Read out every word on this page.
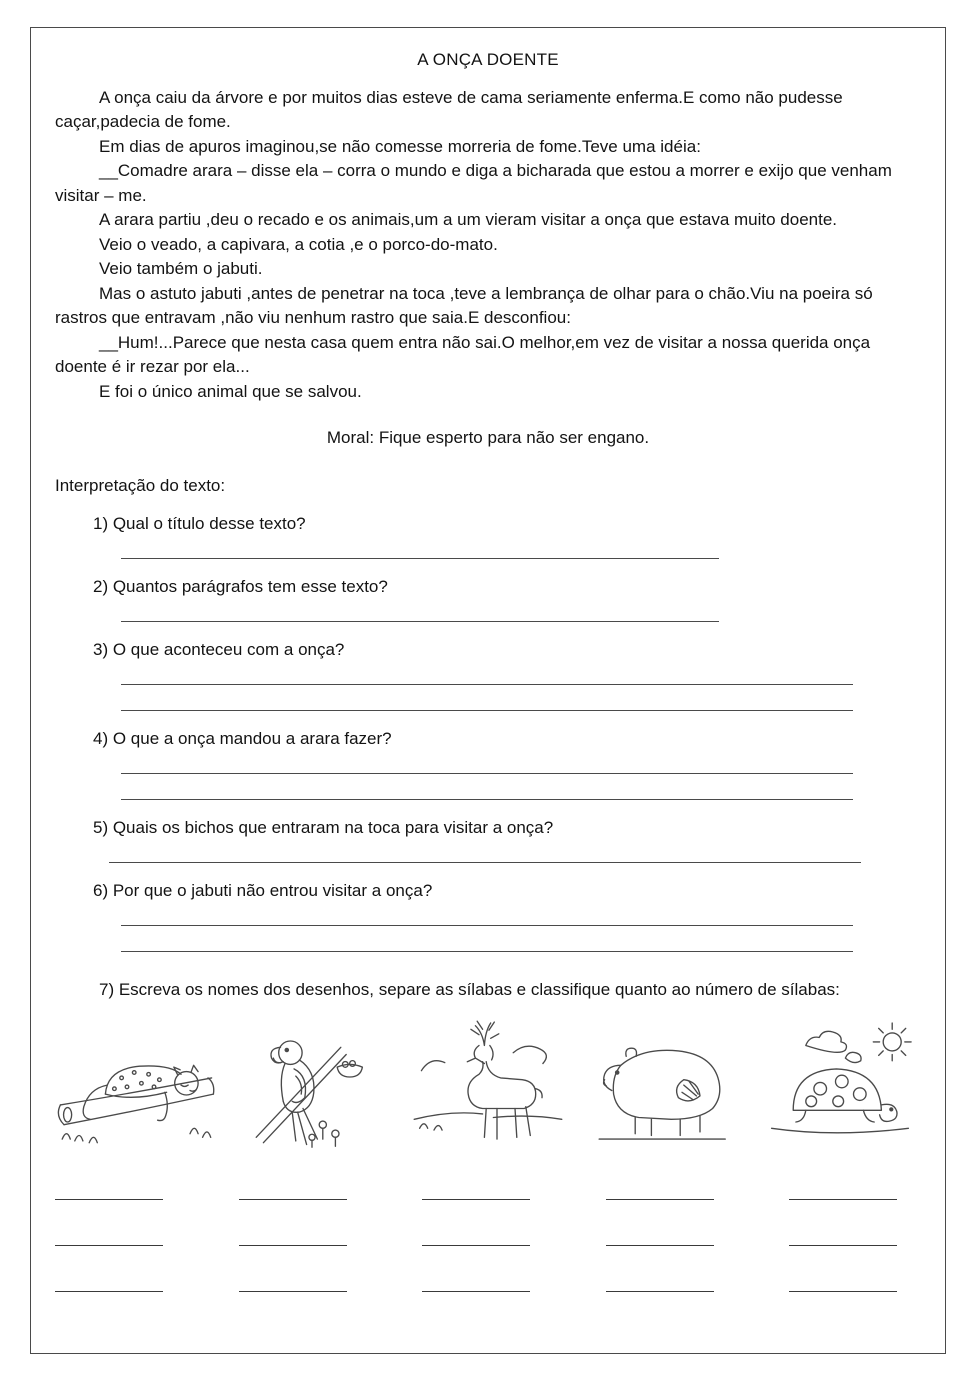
A ONÇA DOENTE

A onça caiu da árvore e por muitos dias esteve de cama seriamente enferma.E como não pudesse caçar,padecia de fome.

Em dias de apuros imaginou,se não comesse morreria de fome.Teve uma idéia:

__Comadre arara – disse ela – corra o mundo e diga a bicharada que estou a morrer e exijo que venham visitar – me.

A arara partiu ,deu o recado e os animais,um a um vieram visitar a onça que estava muito doente.

Veio o veado, a capivara, a cotia ,e o porco-do-mato.

Veio também o jabuti.

Mas o astuto jabuti ,antes de penetrar na toca ,teve a lembrança de olhar para o chão.Viu na poeira só rastros que entravam ,não viu nenhum rastro que saia.E desconfiou:

__Hum!...Parece que nesta casa quem entra não sai.O melhor,em vez de visitar a nossa querida onça doente é ir rezar por ela...

E foi o único animal que se salvou.

Moral: Fique esperto para não ser engano.

Interpretação do texto:

1) Qual o título desse texto?

2) Quantos parágrafos tem esse texto?

3) O que aconteceu com a onça?

4) O que a onça mandou a arara fazer?

5) Quais os bichos que entraram na toca para visitar a onça?

6) Por que o jabuti não entrou visitar a onça?

7) Escreva os nomes dos desenhos, separe as sílabas e classifique quanto ao número de sílabas:
